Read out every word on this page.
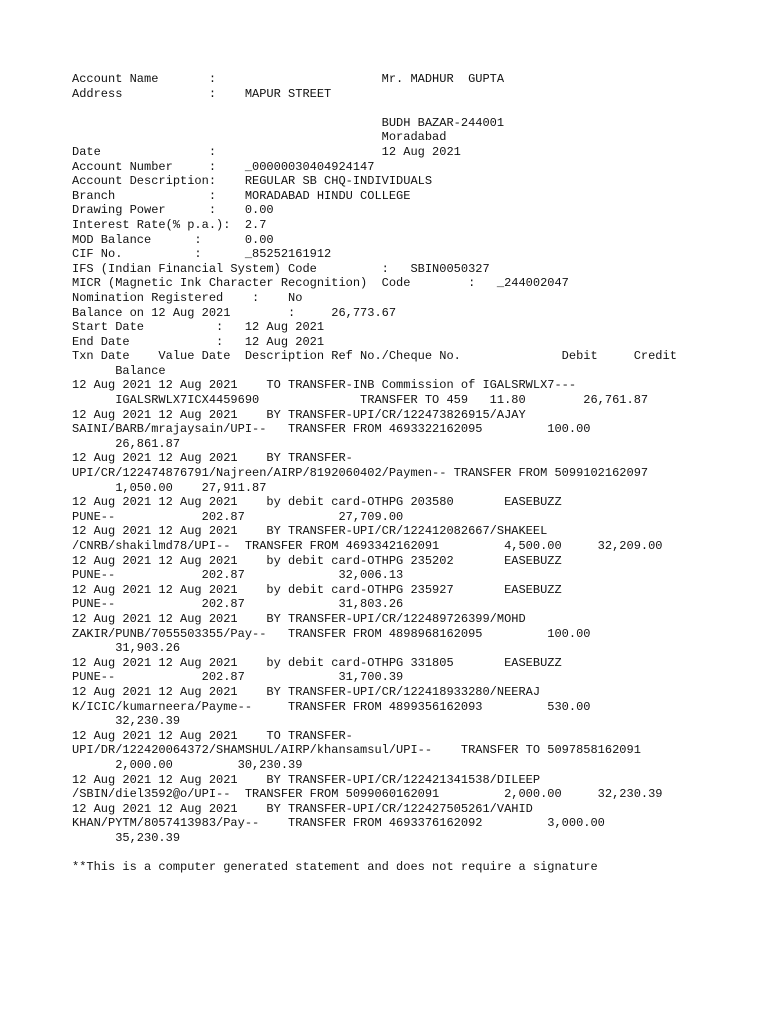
Account Name       :                       Mr. MADHUR  GUPTA
Address            :    MAPUR STREET
BUDH BAZAR-244001
Moradabad
Date               :                       12 Aug 2021
Account Number     :    _00000030404924147
Account Description:    REGULAR SB CHQ-INDIVIDUALS
Branch             :    MORADABAD HINDU COLLEGE
Drawing Power      :    0.00
Interest Rate(% p.a.):  2.7
MOD Balance      :      0.00
CIF No.          :      _85252161912
IFS (Indian Financial System) Code         :   SBIN0050327
MICR (Magnetic Ink Character Recognition)  Code        :   _244002047
Nomination Registered    :    No
Balance on 12 Aug 2021        :     26,773.67
Start Date          :   12 Aug 2021
End Date            :   12 Aug 2021
Txn Date    Value Date  Description Ref No./Cheque No.              Debit     Credit
Balance
12 Aug 2021 12 Aug 2021    TO TRANSFER-INB Commission of IGALSRWLX7---
IGALSRWLX7ICX4459690              TRANSFER TO 459   11.80        26,761.87
12 Aug 2021 12 Aug 2021    BY TRANSFER-UPI/CR/122473826915/AJAY
SAINI/BARB/mrajaysain/UPI--   TRANSFER FROM 4693322162095         100.00
26,861.87
12 Aug 2021 12 Aug 2021    BY TRANSFER-
UPI/CR/122474876791/Najreen/AIRP/8192060402/Paymen-- TRANSFER FROM 5099102162097
1,050.00    27,911.87
12 Aug 2021 12 Aug 2021    by debit card-OTHPG 203580       EASEBUZZ
PUNE--            202.87             27,709.00
12 Aug 2021 12 Aug 2021    BY TRANSFER-UPI/CR/122412082667/SHAKEEL
/CNRB/shakilmd78/UPI--  TRANSFER FROM 4693342162091         4,500.00     32,209.00
12 Aug 2021 12 Aug 2021    by debit card-OTHPG 235202       EASEBUZZ
PUNE--            202.87             32,006.13
12 Aug 2021 12 Aug 2021    by debit card-OTHPG 235927       EASEBUZZ
PUNE--            202.87             31,803.26
12 Aug 2021 12 Aug 2021    BY TRANSFER-UPI/CR/122489726399/MOHD
ZAKIR/PUNB/7055503355/Pay--   TRANSFER FROM 4898968162095         100.00
31,903.26
12 Aug 2021 12 Aug 2021    by debit card-OTHPG 331805       EASEBUZZ
PUNE--            202.87             31,700.39
12 Aug 2021 12 Aug 2021    BY TRANSFER-UPI/CR/122418933280/NEERAJ
K/ICIC/kumarneera/Payme--     TRANSFER FROM 4899356162093         530.00
32,230.39
12 Aug 2021 12 Aug 2021    TO TRANSFER-
UPI/DR/122420064372/SHAMSHUL/AIRP/khansamsul/UPI--    TRANSFER TO 5097858162091
2,000.00         30,230.39
12 Aug 2021 12 Aug 2021    BY TRANSFER-UPI/CR/122421341538/DILEEP
/SBIN/diel3592@o/UPI--  TRANSFER FROM 5099060162091         2,000.00     32,230.39
12 Aug 2021 12 Aug 2021    BY TRANSFER-UPI/CR/122427505261/VAHID
KHAN/PYTM/8057413983/Pay--    TRANSFER FROM 4693376162092         3,000.00
35,230.39
**This is a computer generated statement and does not require a signature
